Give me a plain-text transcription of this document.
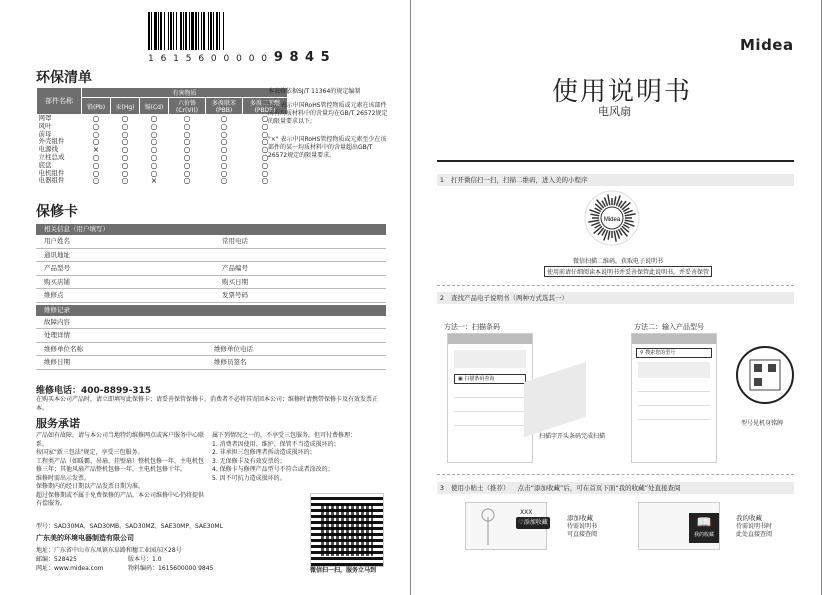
1 6 1 5 6 0 0 0 0 0 9 8 4 5
环保清单
部件名称	有害物质					
	铅(Pb)	汞(Hg)	镉(Cd)	六价铬 (Cr(VI))	多溴联苯 (PBB)	多溴二苯醚 (PBDE)
网罩	○	○	○	○	○	○
风叶	○	○	○	○	○	○
前母	○	○	○	○	○	○
外壳组件	○	○	○	○	○	○
电源线	×	○	○	○	○	○
立柱总成	○	○	○	○	○	○
底盘	○	○	○	○	○	○
电机组件	○	○	○	○	○	○
电器组件	○	○	×	○	○	○
本表格依据SJ/T 11364的规定编制
"○" 表示中国RoHS管控物质或元素在该部件所有均质材料中的含量均在GB/T 26572规定的限量要求以下;
"×" 表示中国RoHS管控物质或元素至少在该部件的某一均质材料中的含量超出GB/T 26572规定的限量要求。
保修卡
相关信息（用户填写）
用户姓名	常用电话
通讯地址
产品型号	产品编号
购买店铺	购买日期
维修点	发票号码
维修记录
故障内容
处理详情
维修单位名称	维修单位电话
维修日期	维修员签名
维修电话：400-8899-315
在购买本公司产品时，请立即填写此保修卡；请妥善保管保修卡，消费者不必将其寄回本公司；维修时请携带保修卡及有效发票正本。
服务承诺
产品如有故障，请与本公司当地特约维修网点或客户服务中心联系。
按国家"新三包法"规定，享受三包服务。
工程类产品（如暖霸、吊扇、挂壁扇）整机包修一年，主电机包修三年；其他风扇产品整机包修一年，主电机包修十年。
维修时需出示发票。
保修期内的经日期以产品发票日期为准。
超过保修期或不属于免费保修的产品，本公司维修中心仍将提供有偿服务。
属下列情况之一的，不享受三包服务，但可付费修理：
1. 消费者因使用、维护、保管不当造成损坏的；
2. 非承担三包修理者拆动造成损坏的；
3. 无保修卡及有效发票的；
4. 保修卡与修理产品型号不符合或者涂改的；
5. 因不可抗力造成损坏的。
型号：SAD30MA、SAD30MB、SAD30MZ、SAE30MP、SAE30ML
广东美的环境电器制造有限公司
地址：广东省中山市东凤镇东阜路和穗工业园东区28号
邮编：528425	版本号：1.0
网址：www.midea.com	物料编码：1615600000 9845	微信扫一扫，服务立马到
Midea
使用说明书
电风扇
1 打开微信扫一扫，扫描二维码，进入美的小程序
Midea
微信扫描二维码，获取电子说明书
使用前请仔细阅读本说明书并妥善保管此说明书，并妥善保管
2 查找产品电子说明书（两种方式选其一）
方法一：扫描条码	方法二：输入产品型号
▣ 扫描条码查询
扫描字开头条码完成扫描
⚲ 搜索您的型号
型号见机身铭牌
3 使用小贴士（推荐） 点击“添加收藏”后，可在首页下面“我的收藏”处直接查阅
XXX
♡添加收藏
添加收藏
待需说明书
可直接查阅
📖
我的收藏
我的收藏
待需说明书时
此处直接查阅
